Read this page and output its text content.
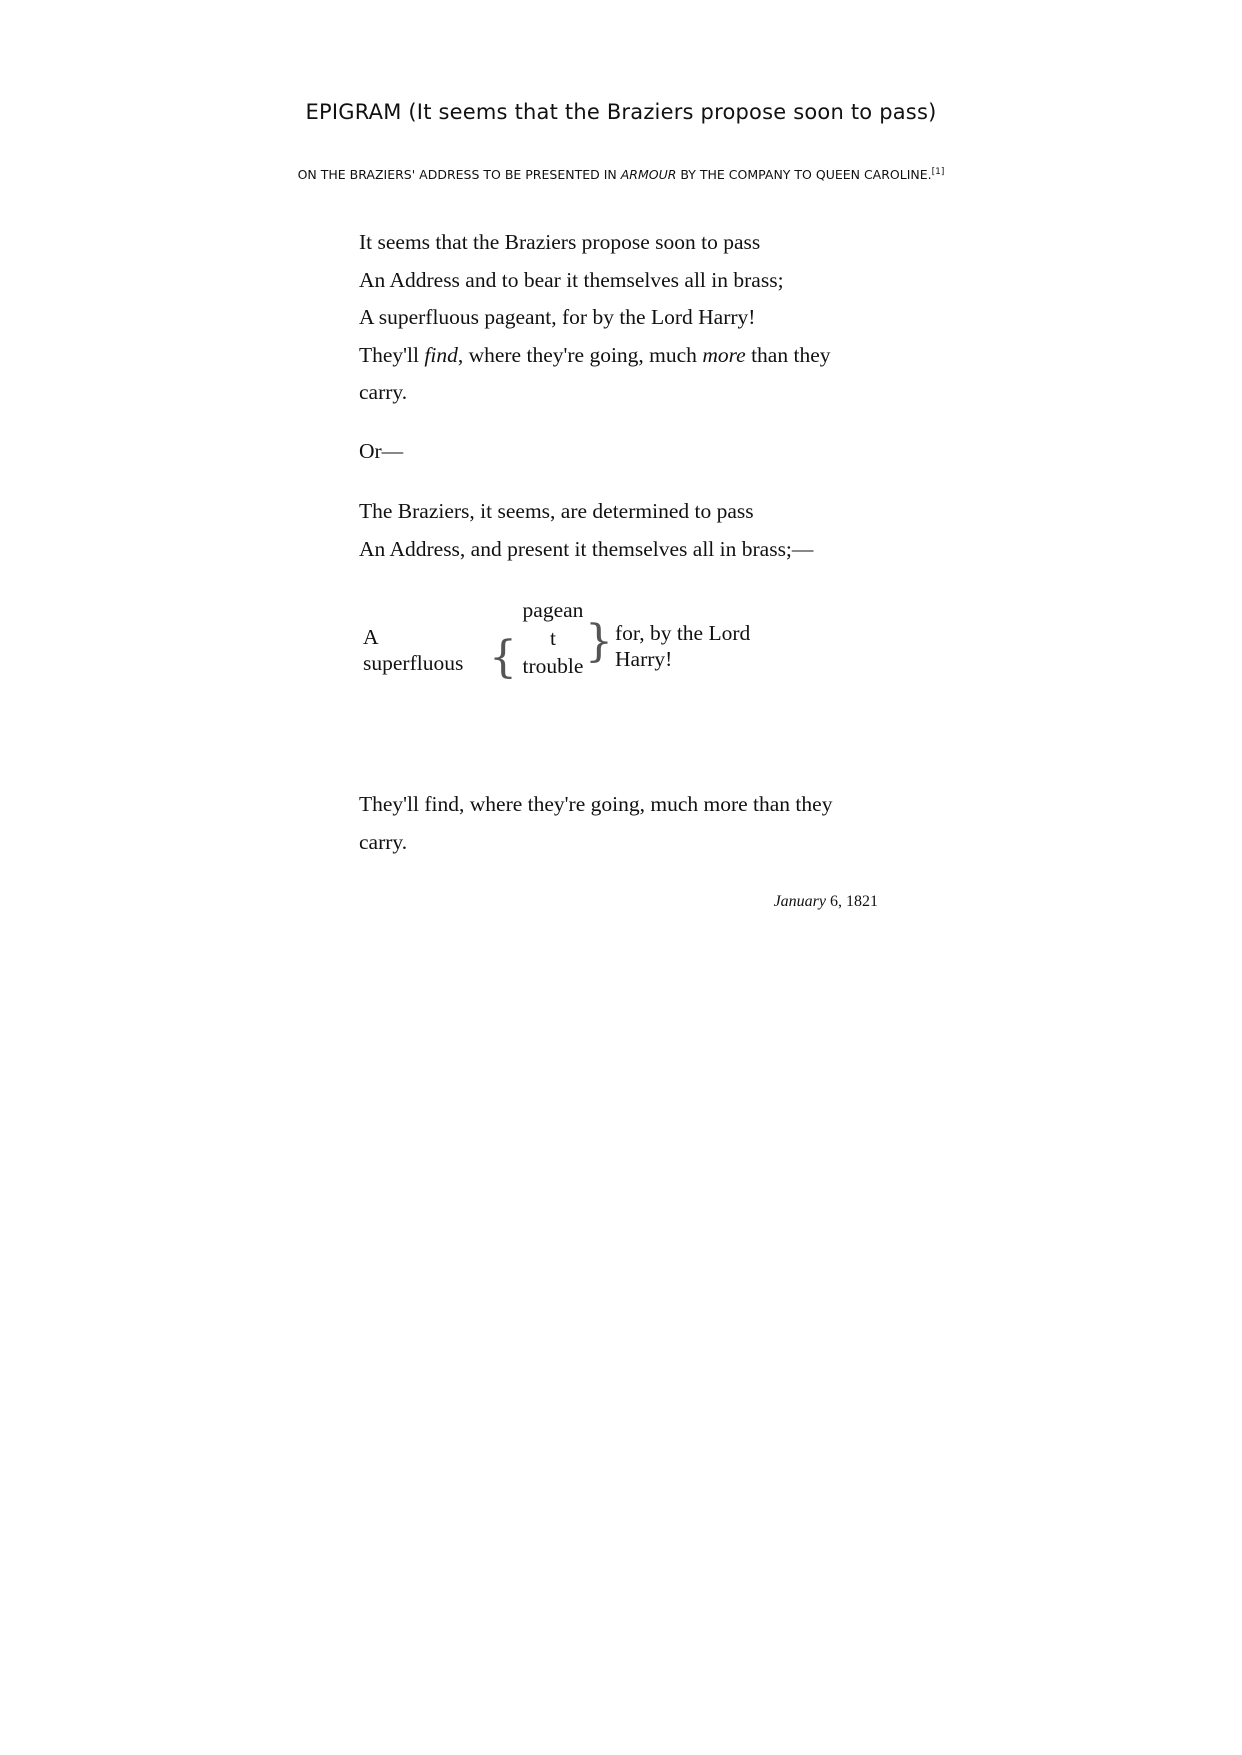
EPIGRAM (It seems that the Braziers propose soon to pass)
ON THE BRAZIERS' ADDRESS TO BE PRESENTED IN ARMOUR BY THE COMPANY TO QUEEN CAROLINE.[1]
It seems that the Braziers propose soon to pass
An Address and to bear it themselves all in brass;
A superfluous pageant, for by the Lord Harry!
They'll find, where they're going, much more than they
carry.
Or—
The Braziers, it seems, are determined to pass
An Address, and present it themselves all in brass;—
A
superfluous {
pagean
t
trouble } for, by the Lord
Harry!
They'll find, where they're going, much more than they
carry.
January 6, 1821
